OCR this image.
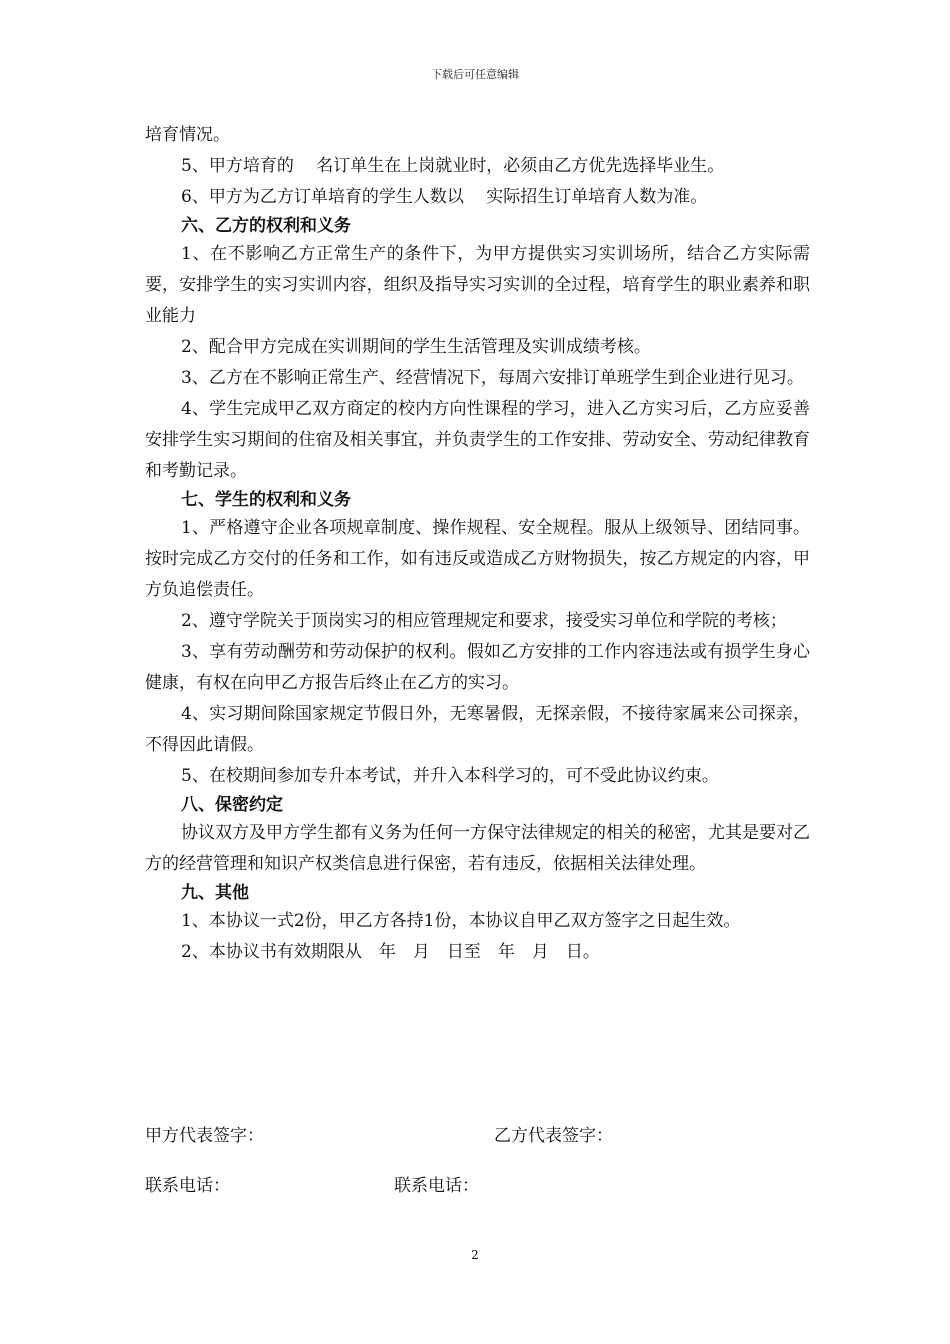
下载后可任意编辑

培育情况。

5、甲方培育的　 名订单生在上岗就业时，必须由乙方优先选择毕业生。

6、甲方为乙方订单培育的学生人数以　 实际招生订单培育人数为准。

六、乙方的权利和义务

1、在不影响乙方正常生产的条件下，为甲方提供实习实训场所，结合乙方实际需要，安排学生的实习实训内容，组织及指导实习实训的全过程，培育学生的职业素养和职业能力

2、配合甲方完成在实训期间的学生生活管理及实训成绩考核。

3、乙方在不影响正常生产、经营情况下，每周六安排订单班学生到企业进行见习。

4、学生完成甲乙双方商定的校内方向性课程的学习，进入乙方实习后，乙方应妥善安排学生实习期间的住宿及相关事宜，并负责学生的工作安排、劳动安全、劳动纪律教育和考勤记录。

七、学生的权利和义务

1、严格遵守企业各项规章制度、操作规程、安全规程。服从上级领导、团结同事。按时完成乙方交付的任务和工作，如有违反或造成乙方财物损失，按乙方规定的内容，甲方负追偿责任。

2、遵守学院关于顶岗实习的相应管理规定和要求，接受实习单位和学院的考核；

3、享有劳动酬劳和劳动保护的权利。假如乙方安排的工作内容违法或有损学生身心健康，有权在向甲乙方报告后终止在乙方的实习。

4、实习期间除国家规定节假日外，无寒暑假，无探亲假，不接待家属来公司探亲，不得因此请假。

5、在校期间参加专升本考试，并升入本科学习的，可不受此协议约束。

八、保密约定

协议双方及甲方学生都有义务为任何一方保守法律规定的相关的秘密，尤其是要对乙方的经营管理和知识产权类信息进行保密，若有违反，依据相关法律处理。

九、其他

1、本协议一式2份，甲乙方各持1份，本协议自甲乙双方签字之日起生效。

2、本协议书有效期限从　年　月　日至　年　月　日。

甲方代表签字：	乙方代表签字：
联系电话：	联系电话：
2
